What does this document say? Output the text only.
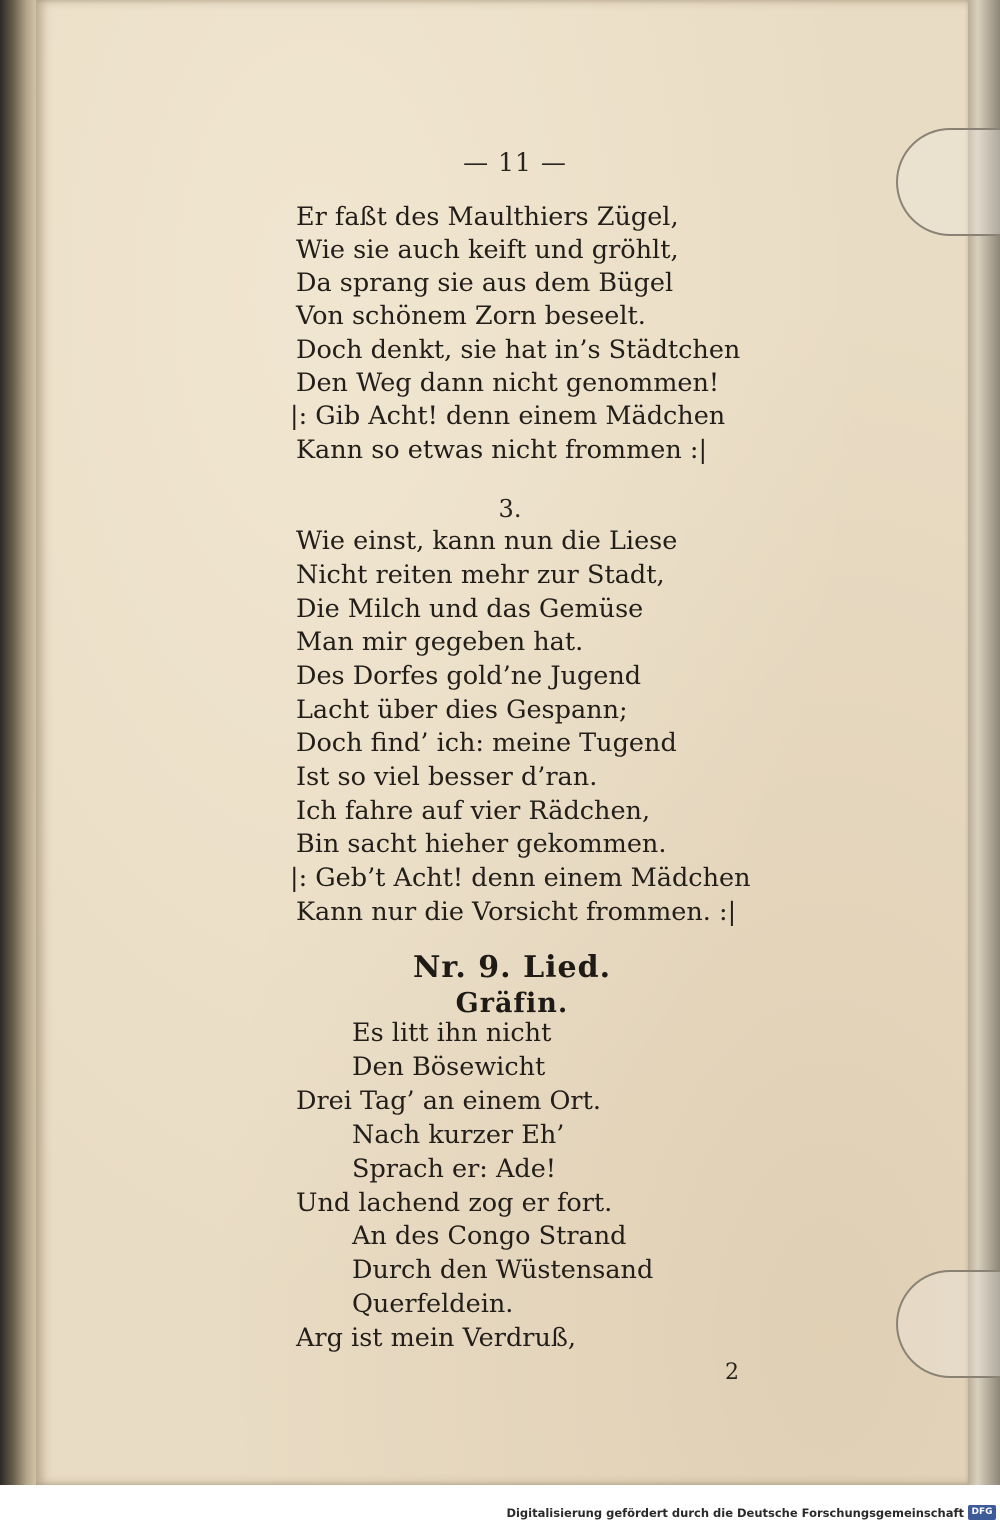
— 11 —
Er faßt des Maulthiers Zügel,
Wie sie auch keift und gröhlt,
Da sprang sie aus dem Bügel
Von schönem Zorn beseelt.
Doch denkt, sie hat in’s Städtchen
Den Weg dann nicht genommen!
|: Gib Acht! denn einem Mädchen
Kann so etwas nicht frommen :|
3.
Wie einst, kann nun die Liese
Nicht reiten mehr zur Stadt,
Die Milch und das Gemüse
Man mir gegeben hat.
Des Dorfes gold’ne Jugend
Lacht über dies Gespann;
Doch find’ ich: meine Tugend
Ist so viel besser d’ran.
Ich fahre auf vier Rädchen,
Bin sacht hieher gekommen.
|: Geb’t Acht! denn einem Mädchen
Kann nur die Vorsicht frommen. :|
Nr. 9. Lied.
Gräfin.
Es litt ihn nicht
Den Bösewicht
Drei Tag’ an einem Ort.
Nach kurzer Eh’
Sprach er: Ade!
Und lachend zog er fort.
An des Congo Strand
Durch den Wüstensand
Querfeldein.
Arg ist mein Verdruß,
2
Digitalisierung gefördert durch die Deutsche Forschungsgemeinschaft DFG
